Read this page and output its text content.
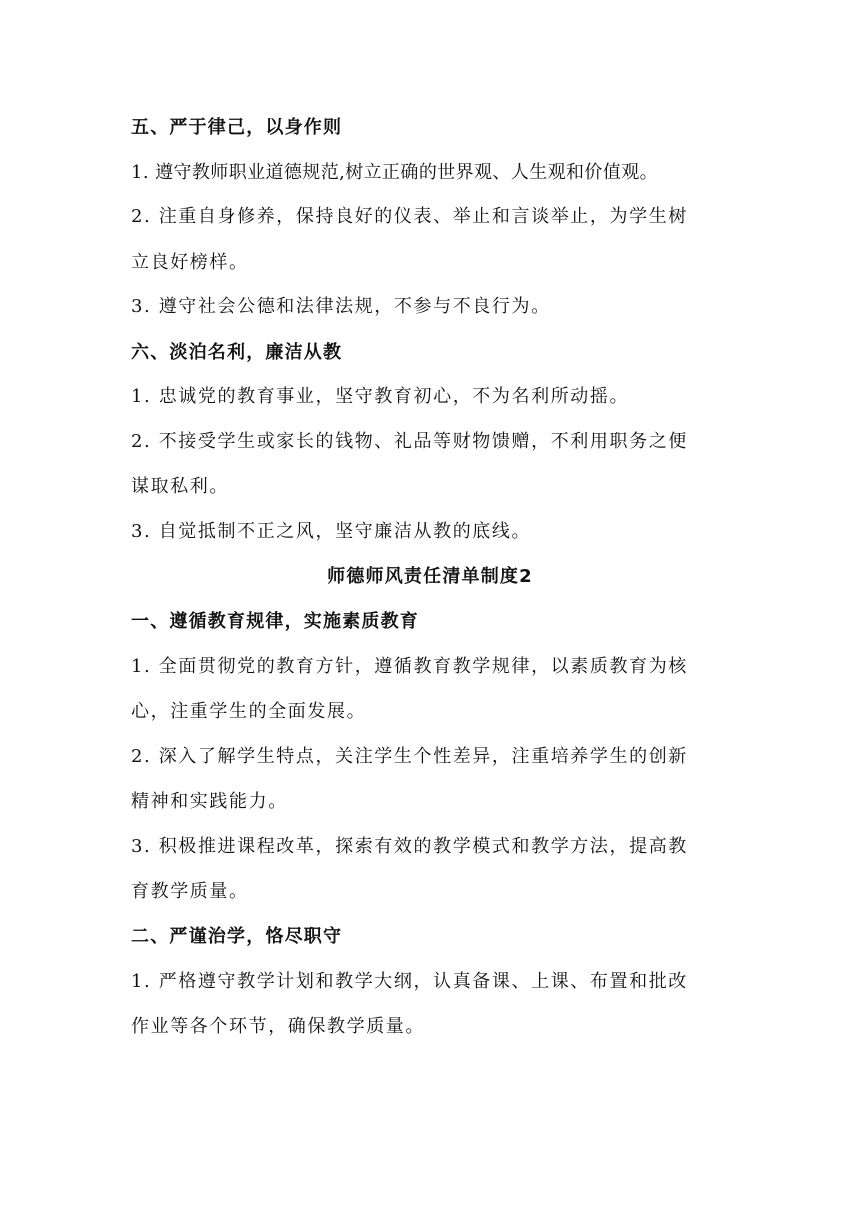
五、严于律己，以身作则
1. 遵守教师职业道德规范,树立正确的世界观、人生观和价值观。
2. 注重自身修养，保持良好的仪表、举止和言谈举止，为学生树
立良好榜样。
3. 遵守社会公德和法律法规，不参与不良行为。
六、淡泊名利，廉洁从教
1. 忠诚党的教育事业，坚守教育初心，不为名利所动摇。
2. 不接受学生或家长的钱物、礼品等财物馈赠，不利用职务之便
谋取私利。
3. 自觉抵制不正之风，坚守廉洁从教的底线。
师德师风责任清单制度2
一、遵循教育规律，实施素质教育
1. 全面贯彻党的教育方针，遵循教育教学规律，以素质教育为核
心，注重学生的全面发展。
2. 深入了解学生特点，关注学生个性差异，注重培养学生的创新
精神和实践能力。
3. 积极推进课程改革，探索有效的教学模式和教学方法，提高教
育教学质量。
二、严谨治学，恪尽职守
1. 严格遵守教学计划和教学大纲，认真备课、上课、布置和批改
作业等各个环节，确保教学质量。
